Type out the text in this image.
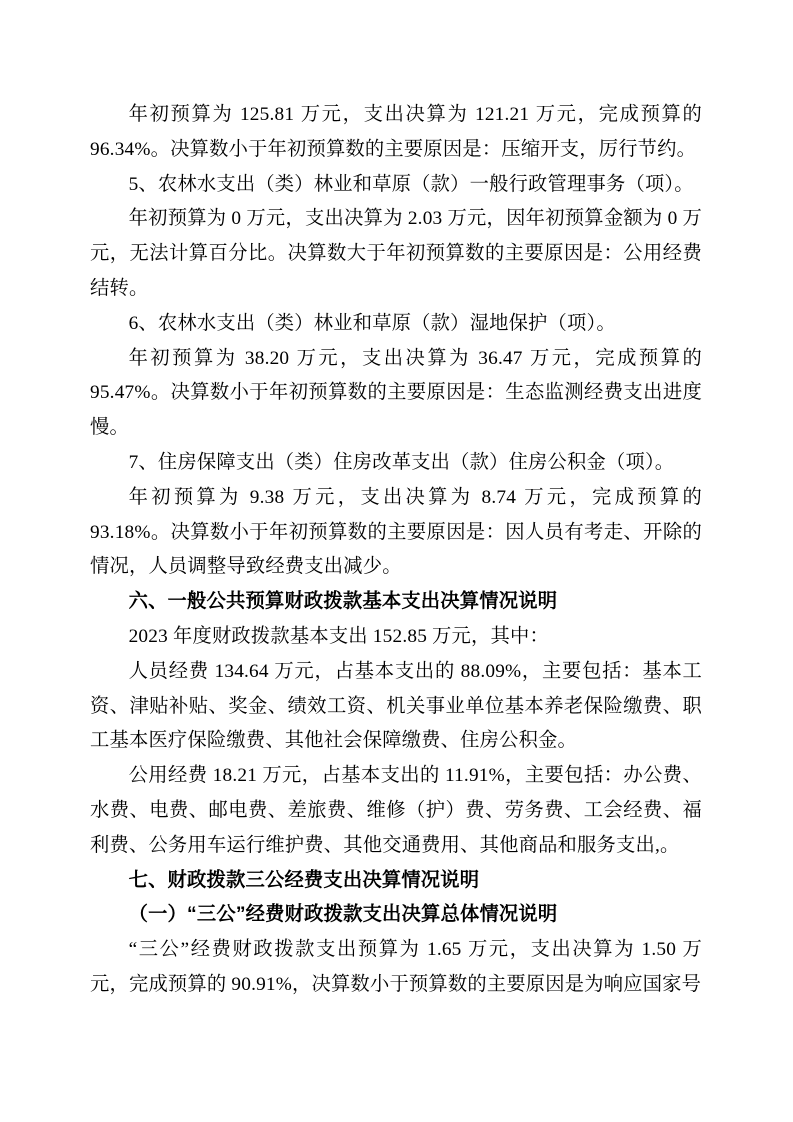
年初预算为 125.81 万元，支出决算为 121.21 万元，完成预算的 96.34%。决算数小于年初预算数的主要原因是：压缩开支，厉行节约。

5、农林水支出（类）林业和草原（款）一般行政管理事务（项）。

年初预算为 0 万元，支出决算为 2.03 万元，因年初预算金额为 0 万元，无法计算百分比。决算数大于年初预算数的主要原因是：公用经费结转。

6、农林水支出（类）林业和草原（款）湿地保护（项）。

年初预算为 38.20 万元，支出决算为 36.47 万元，完成预算的 95.47%。决算数小于年初预算数的主要原因是：生态监测经费支出进度慢。

7、住房保障支出（类）住房改革支出（款）住房公积金（项）。

年初预算为 9.38 万元，支出决算为 8.74 万元，完成预算的 93.18%。决算数小于年初预算数的主要原因是：因人员有考走、开除的情况，人员调整导致经费支出减少。

六、一般公共预算财政拨款基本支出决算情况说明

2023 年度财政拨款基本支出 152.85 万元，其中：

人员经费 134.64 万元，占基本支出的 88.09%，主要包括：基本工资、津贴补贴、奖金、绩效工资、机关事业单位基本养老保险缴费、职工基本医疗保险缴费、其他社会保障缴费、住房公积金。

公用经费 18.21 万元，占基本支出的 11.91%，主要包括：办公费、水费、电费、邮电费、差旅费、维修（护）费、劳务费、工会经费、福利费、公务用车运行维护费、其他交通费用、其他商品和服务支出,。

七、财政拨款三公经费支出决算情况说明

（一）“三公”经费财政拨款支出决算总体情况说明

“三公”经费财政拨款支出预算为 1.65 万元，支出决算为 1.50 万元，完成预算的 90.91%，决算数小于预算数的主要原因是为响应国家号
